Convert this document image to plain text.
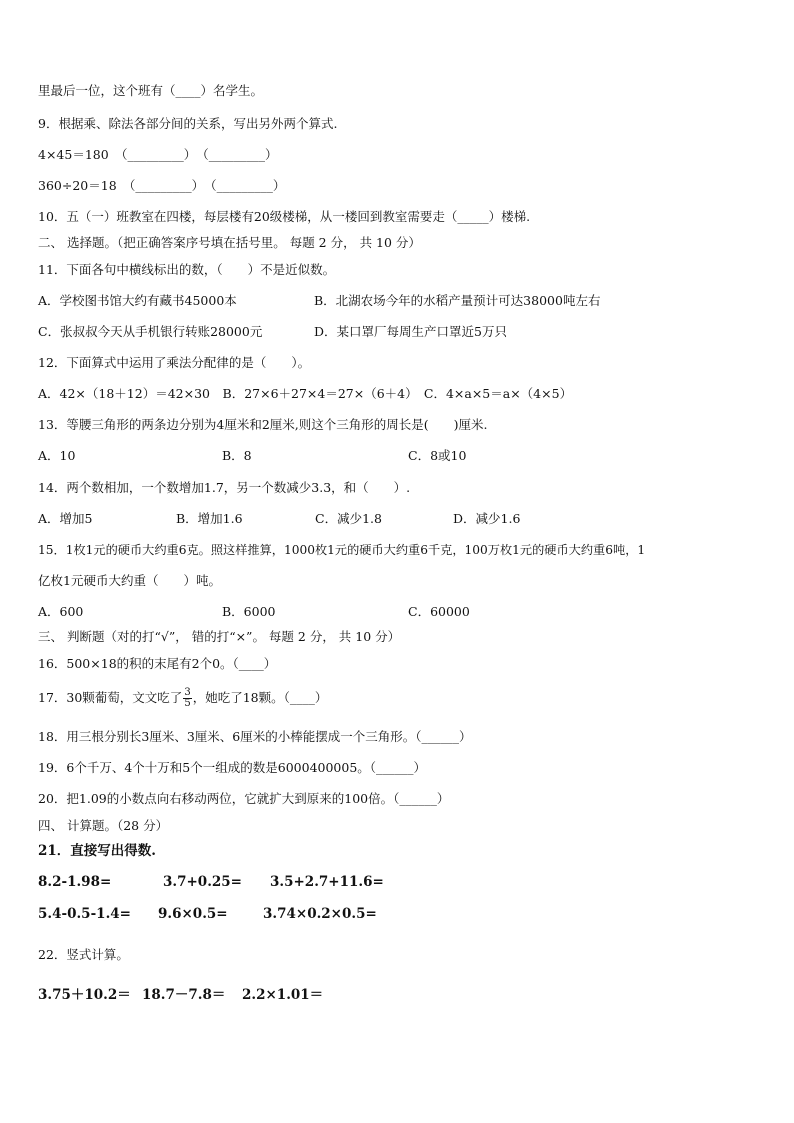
里最后一位，这个班有（____）名学生。
9．根据乘、除法各部分间的关系，写出另外两个算式.
4×45＝180　（_________）　（_________）
360÷20＝18　（_________）　（_________）
10．五（一）班教室在四楼，每层楼有20级楼梯，从一楼回到教室需要走（_____）楼梯.
二、 选择题。（把正确答案序号填在括号里。 每题 2 分， 共 10 分）
11．下面各句中横线标出的数，（　　）不是近似数。
A．学校图书馆大约有藏书45000本	B．北湖农场今年的水稻产量预计可达38000吨左右
C．张叔叔今天从手机银行转账28000元	D．某口罩厂每周生产口罩近5万只
12．下面算式中运用了乘法分配律的是（　　）。
A．42×（18＋12）＝42×30　B．27×6＋27×4＝27×（6＋4）　C．4×a×5＝a×（4×5）
13．等腰三角形的两条边分别为4厘米和2厘米,则这个三角形的周长是(　　)厘米.
A．10	B．8	C．8或10
14．两个数相加，一个数增加1.7，另一个数减少3.3，和（　　）.
A．增加5	B．增加1.6	C．减少1.8	D．减少1.6
15．1枚1元的硬币大约重6克。照这样推算，1000枚1元的硬币大约重6千克，100万枚1元的硬币大约重6吨，1
亿枚1元硬币大约重（　　）吨。
A．600	B．6000	C．60000
三、 判断题（对的打“√”， 错的打“×”。 每题 2 分， 共 10 分）
16．500×18的积的末尾有2个0。（____）
17．30颗葡萄，文文吃了 $\frac{3}{5}$ ，她吃了18颗。（____）
18．用三根分别长3厘米、3厘米、6厘米的小棒能摆成一个三角形。（______）
19．6个千万、4个十万和5个一组成的数是6000400005。（______）
20．把1.09的小数点向右移动两位，它就扩大到原来的100倍。（______）
四、 计算题。（28 分）
21．直接写出得数.
8.2-1.98=	3.7+0.25= 3.5+2.7+11.6=
5.4-0.5-1.4= 9.6×0.5=	3.74×0.2×0.5=
22．竖式计算。
3.75＋10.2＝ 18.7－7.8＝ 2.2×1.01＝
